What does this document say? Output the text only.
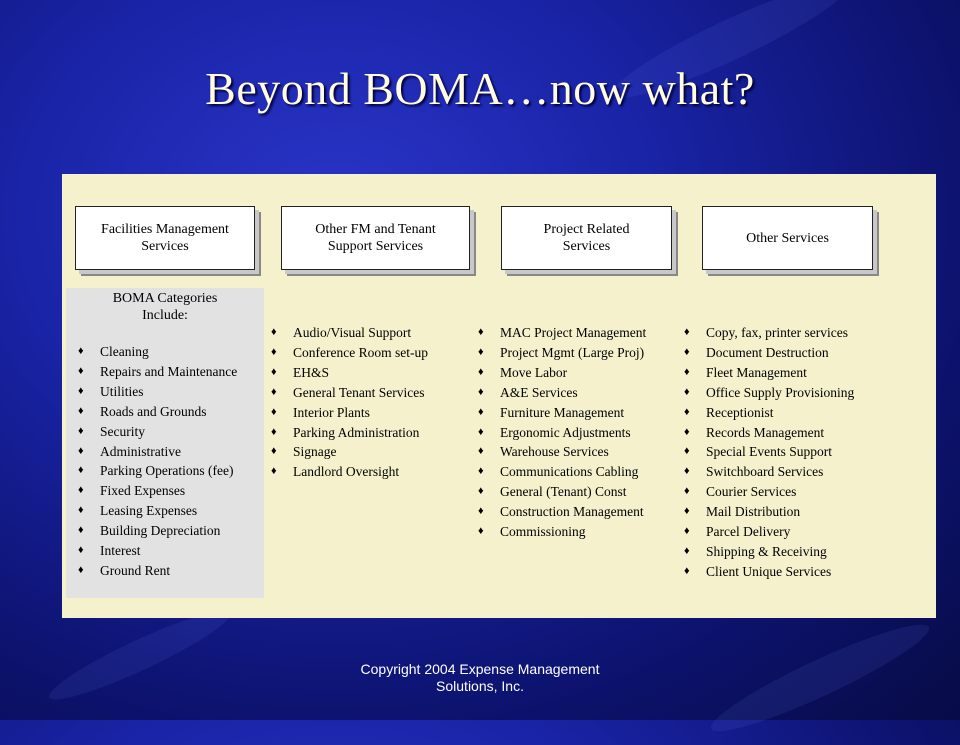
Beyond BOMA…now what?
Facilities Management
Services
Other FM and Tenant
Support Services
Project Related
Services
Other Services
BOMA Categories
Include:
♦	Cleaning
♦	Repairs and Maintenance
♦	Utilities
♦	Roads and Grounds
♦	Security
♦	Administrative
♦	Parking Operations (fee)
♦	Fixed Expenses
♦	Leasing Expenses
♦	Building Depreciation
♦	Interest
♦	Ground Rent
♦	Audio/Visual Support
♦	Conference Room set-up
♦	EH&S
♦	General Tenant Services
♦	Interior Plants
♦	Parking Administration
♦	Signage
♦	Landlord Oversight
♦	MAC Project Management
♦	Project Mgmt (Large Proj)
♦	Move Labor
♦	A&E Services
♦	Furniture Management
♦	Ergonomic Adjustments
♦	Warehouse Services
♦	Communications Cabling
♦	General (Tenant) Const
♦	Construction Management
♦	Commissioning
♦	Copy, fax, printer services
♦	Document Destruction
♦	Fleet Management
♦	Office Supply Provisioning
♦	Receptionist
♦	Records Management
♦	Special Events Support
♦	Switchboard Services
♦	Courier Services
♦	Mail Distribution
♦	Parcel Delivery
♦	Shipping & Receiving
♦	Client Unique Services
Copyright 2004 Expense Management
Solutions, Inc.
